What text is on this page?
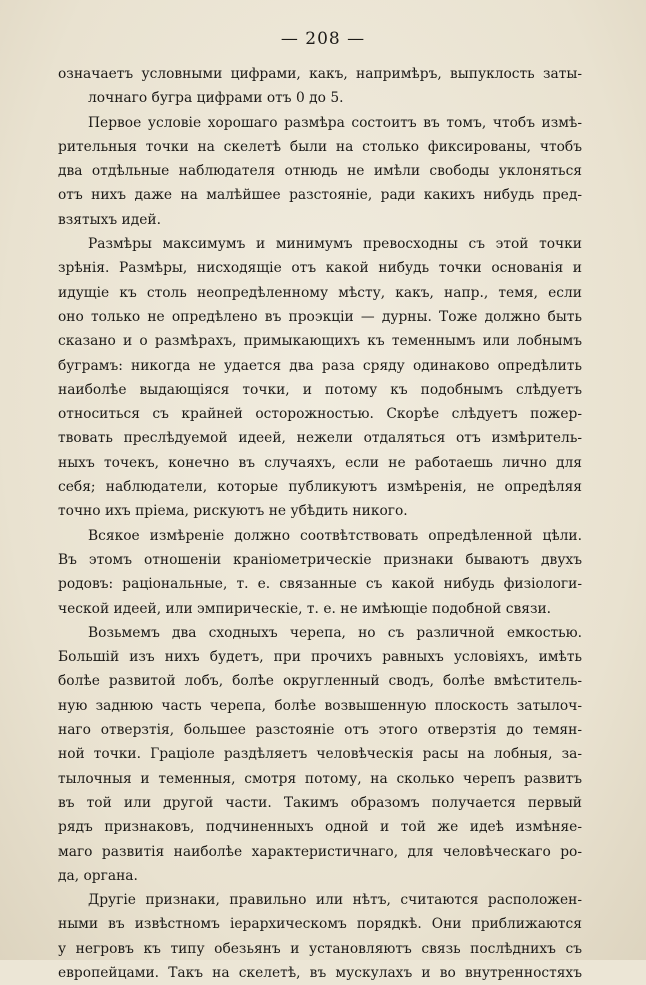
— 208 —
означаетъ условными цифрами, какъ, напримѣръ, выпуклость заты-
лочнаго бугра цифрами отъ 0 до 5.
Первое условіе хорошаго размѣра состоитъ въ томъ, чтобъ измѣ-
рительныя точки на скелетѣ были на столько фиксированы, чтобъ
два отдѣльные наблюдателя отнюдь не имѣли свободы уклоняться
отъ нихъ даже на малѣйшее разстояніе, ради какихъ нибудь пред-
взятыхъ идей.
Размѣры максимумъ и минимумъ превосходны съ этой точки
зрѣнія. Размѣры, нисходящіе отъ какой нибудь точки основанія и
идущіе къ столь неопредѣленному мѣсту, какъ, напр., темя, если
оно только не опредѣлено въ проэкціи — дурны. Тоже должно быть
сказано и о размѣрахъ, примыкающихъ къ теменнымъ или лобнымъ
буграмъ: никогда не удается два раза сряду одинаково опредѣлить
наиболѣе выдающіяся точки, и потому къ подобнымъ слѣдуетъ
относиться съ крайней осторожностью. Скорѣе слѣдуетъ пожер-
твовать преслѣдуемой идеей, нежели отдаляться отъ измѣритель-
ныхъ точекъ, конечно въ случаяхъ, если не работаешь лично для
себя; наблюдатели, которые публикуютъ измѣренія, не опредѣляя
точно ихъ пріема, рискуютъ не убѣдить никого.
Всякое измѣреніе должно соотвѣтствовать опредѣленной цѣли.
Въ этомъ отношеніи краніометрическіе признаки бываютъ двухъ
родовъ: раціональные, т. е. связанные съ какой нибудь физіологи-
ческой идеей, или эмпирическіе, т. е. не имѣющіе подобной связи.
Возьмемъ два сходныхъ черепа, но съ различной емкостью.
Большій изъ нихъ будетъ, при прочихъ равныхъ условіяхъ, имѣть
болѣе развитой лобъ, болѣе округленный сводъ, болѣе вмѣститель-
ную заднюю часть черепа, болѣе возвышенную плоскость затылоч-
наго отверзтія, большее разстояніе отъ этого отверзтія до темян-
ной точки. Граціоле раздѣляетъ человѣческія расы на лобныя, за-
тылочныя и теменныя, смотря потому, на сколько черепъ развитъ
въ той или другой части. Такимъ образомъ получается первый
рядъ признаковъ, подчиненныхъ одной и той же идеѣ измѣняе-
маго развитія наиболѣе характеристичнаго, для человѣческаго ро-
да, органа.
Другіе признаки, правильно или нѣтъ, считаются расположен-
ными въ извѣстномъ іерархическомъ порядкѣ. Они приближаются
у негровъ къ типу обезьянъ и установляютъ связь послѣднихъ съ
европейцами. Такъ на скелетѣ, въ мускулахъ и во внутренностяхъ
